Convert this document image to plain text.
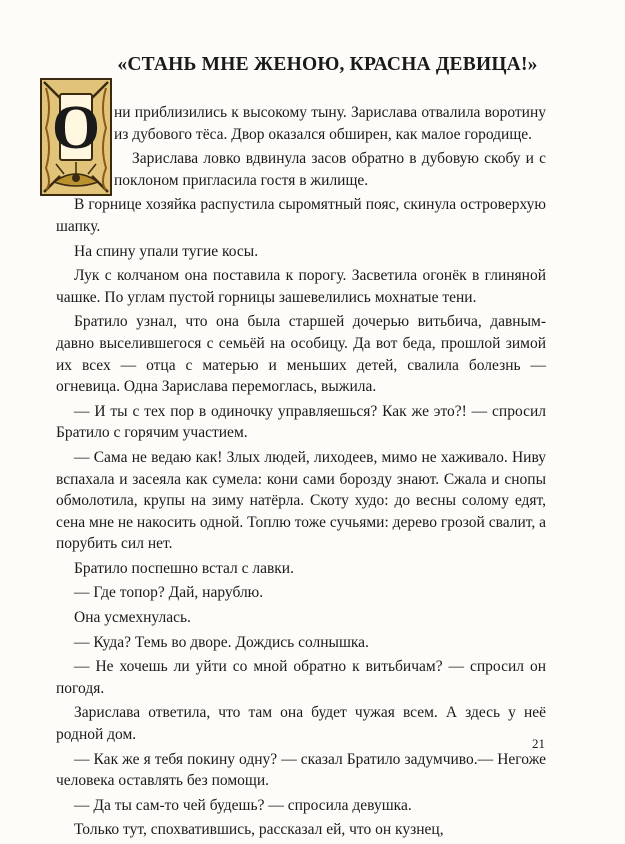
«СТАНЬ МНЕ ЖЕНОЮ, КРАСНА ДЕВИЦА!»
О ни приблизились к высокому тыну. Зарислава отвалила воротину из дубового тёса. Двор оказался обширен, как малое городище.

Зарислава ловко вдвинула засов обратно в дубовую скобу и с поклоном пригласила гостя в жилище.

В горнице хозяйка распустила сыромятный пояс, скинула островерхую шапку.

На спину упали тугие косы.

Лук с колчаном она поставила к порогу. Засветила огонёк в глиняной чашке. По углам пустой горницы зашевелились мохнатые тени.

Братило узнал, что она была старшей дочерью витьбича, давным-давно выселившегося с семьёй на особицу. Да вот беда, прошлой зимой их всех — отца с матерью и меньших детей, свалила болезнь — огневица. Одна Зарислава перемоглась, выжила.

— И ты с тех пор в одиночку управляешься? Как же это?! — спросил Братило с горячим участием.

— Сама не ведаю как! Злых людей, лиходеев, мимо не хаживало. Ниву вспахала и засеяла как сумела: кони сами борозду знают. Сжала и снопы обмолотила, крупы на зиму натёрла. Скоту худо: до весны солому едят, сена мне не накосить одной. Топлю тоже сучьями: дерево грозой свалит, а порубить сил нет.

Братило поспешно встал с лавки.

— Где топор? Дай, нарублю.

Она усмехнулась.

— Куда? Темь во дворе. Дождись солнышка.

— Не хочешь ли уйти со мной обратно к витьбичам? — спросил он погодя.

Зарислава ответила, что там она будет чужая всем. А здесь у неё родной дом.

— Как же я тебя покину одну? — сказал Братило задумчиво.— Негоже человека оставлять без помощи.

— Да ты сам-то чей будешь? — спросила девушка.

Только тут, спохватившись, рассказал ей, что он кузнец,

21
